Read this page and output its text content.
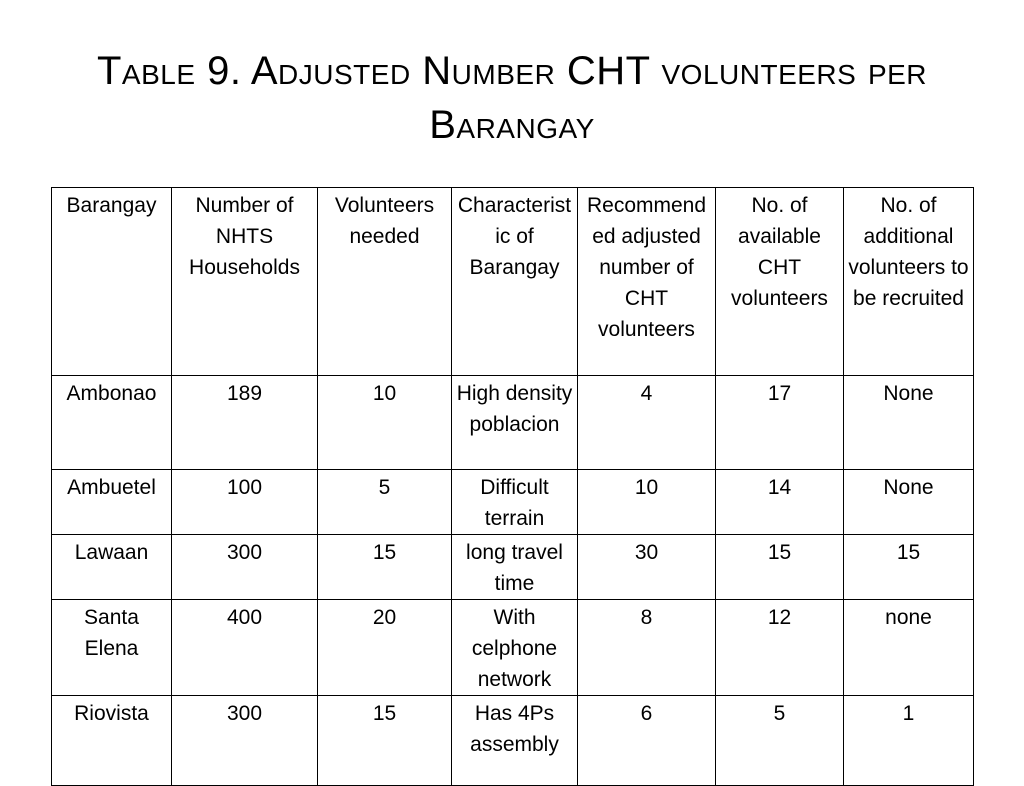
Table 9. Adjusted Number CHT volunteers per Barangay
Barangay	Number of NHTS Households	Volunteers needed	Characteristic of Barangay	Recommended adjusted number of CHT volunteers	No. of available CHT volunteers	No. of additional volunteers to be recruited
Ambonao	189	10	High density poblacion	4	17	None
Ambuetel	100	5	Difficult terrain	10	14	None
Lawaan	300	15	long travel time	30	15	15
Santa Elena	400	20	With celphone network	8	12	none
Riovista	300	15	Has 4Ps assembly	6	5	1
